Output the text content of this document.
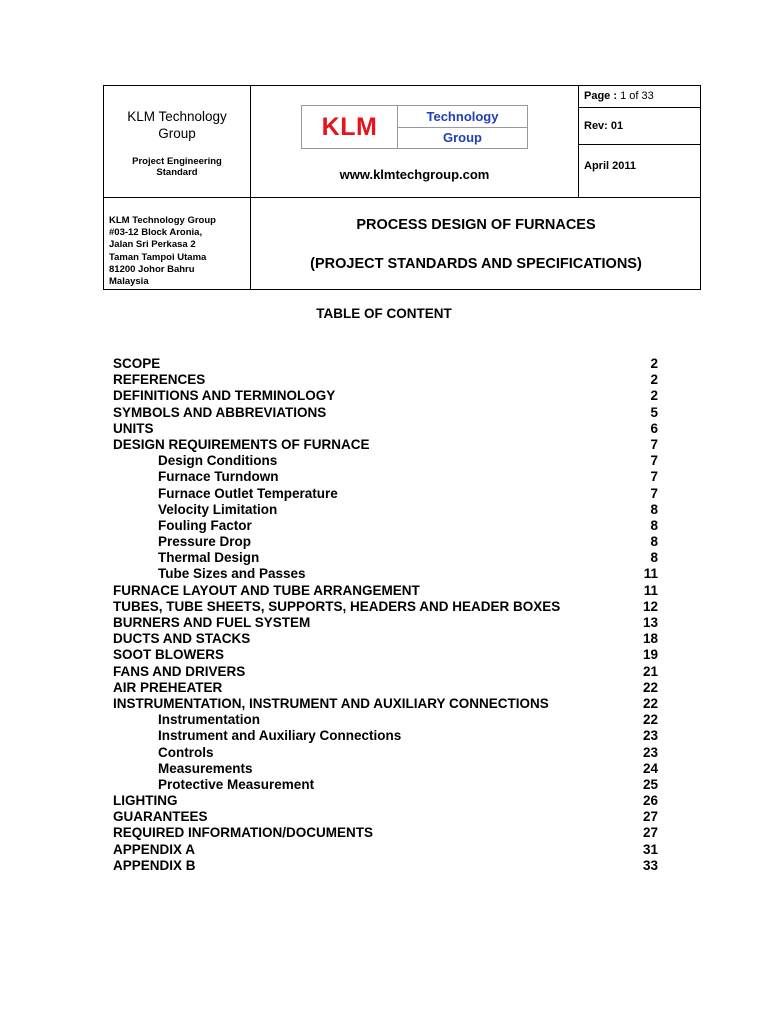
KLM Technology
Group
Project Engineering
Standard
KLM	Technology
Group
www.klmtechgroup.com
Page : 1 of 33
Rev: 01
April 2011
KLM Technology Group
#03-12 Block Aronia,
Jalan Sri Perkasa 2
Taman Tampoi Utama
81200 Johor Bahru
Malaysia
PROCESS DESIGN OF FURNACES
(PROJECT STANDARDS AND SPECIFICATIONS)
TABLE OF CONTENT
SCOPE	2
REFERENCES	2
DEFINITIONS AND TERMINOLOGY	2
SYMBOLS AND ABBREVIATIONS	5
UNITS	6
DESIGN REQUIREMENTS OF FURNACE	7
Design Conditions	7
Furnace Turndown	7
Furnace Outlet Temperature	7
Velocity Limitation	8
Fouling Factor	8
Pressure Drop	8
Thermal Design	8
Tube Sizes and Passes	11
FURNACE LAYOUT AND TUBE ARRANGEMENT	11
TUBES, TUBE SHEETS, SUPPORTS, HEADERS AND HEADER BOXES	12
BURNERS AND FUEL SYSTEM	13
DUCTS AND STACKS	18
SOOT BLOWERS	19
FANS AND DRIVERS	21
AIR PREHEATER	22
INSTRUMENTATION, INSTRUMENT AND AUXILIARY CONNECTIONS	22
Instrumentation	22
Instrument and Auxiliary Connections	23
Controls	23
Measurements	24
Protective Measurement	25
LIGHTING	26
GUARANTEES	27
REQUIRED INFORMATION/DOCUMENTS	27
APPENDIX A	31
APPENDIX B	33
